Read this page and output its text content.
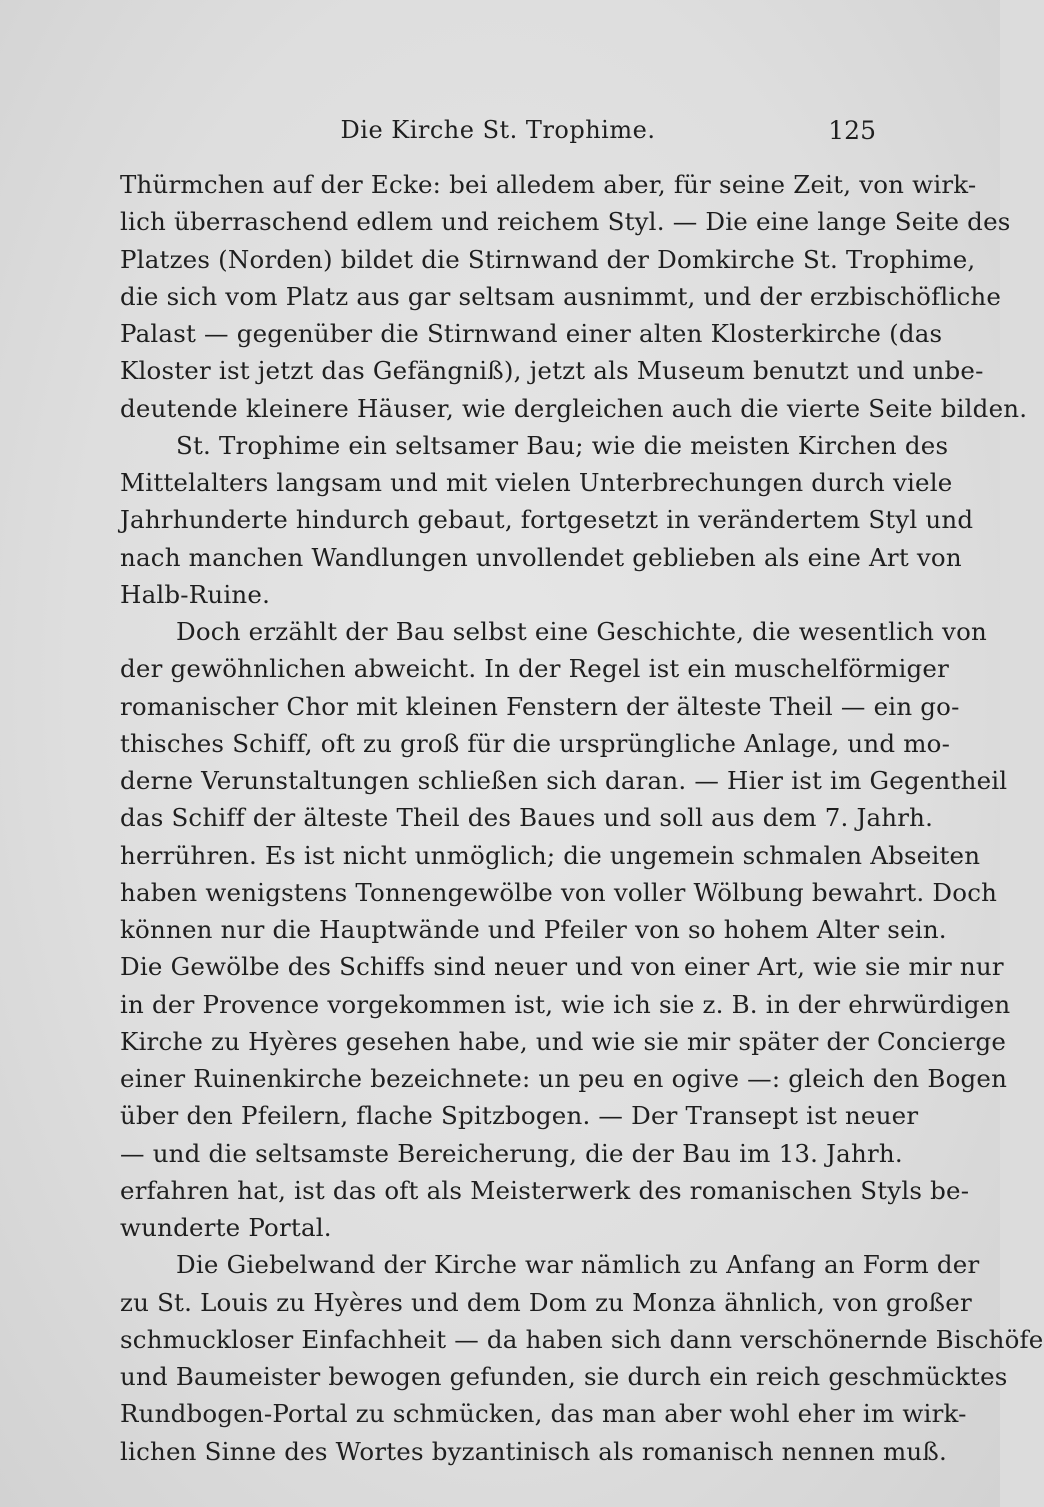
Die Kirche St. Trophime.	125
Thürmchen auf der Ecke: bei alledem aber, für seine Zeit, von wirk-
lich überraschend edlem und reichem Styl. — Die eine lange Seite des
Platzes (Norden) bildet die Stirnwand der Domkirche St. Trophime,
die sich vom Platz aus gar seltsam ausnimmt, und der erzbischöfliche
Palast — gegenüber die Stirnwand einer alten Klosterkirche (das
Kloster ist jetzt das Gefängniß), jetzt als Museum benutzt und unbe-
deutende kleinere Häuser, wie dergleichen auch die vierte Seite bilden.
St. Trophime ein seltsamer Bau; wie die meisten Kirchen des
Mittelalters langsam und mit vielen Unterbrechungen durch viele
Jahrhunderte hindurch gebaut, fortgesetzt in verändertem Styl und
nach manchen Wandlungen unvollendet geblieben als eine Art von
Halb-Ruine.
Doch erzählt der Bau selbst eine Geschichte, die wesentlich von
der gewöhnlichen abweicht. In der Regel ist ein muschelförmiger
romanischer Chor mit kleinen Fenstern der älteste Theil — ein go-
thisches Schiff, oft zu groß für die ursprüngliche Anlage, und mo-
derne Verunstaltungen schließen sich daran. — Hier ist im Gegentheil
das Schiff der älteste Theil des Baues und soll aus dem 7. Jahrh.
herrühren. Es ist nicht unmöglich; die ungemein schmalen Abseiten
haben wenigstens Tonnengewölbe von voller Wölbung bewahrt. Doch
können nur die Hauptwände und Pfeiler von so hohem Alter sein.
Die Gewölbe des Schiffs sind neuer und von einer Art, wie sie mir nur
in der Provence vorgekommen ist, wie ich sie z. B. in der ehrwürdigen
Kirche zu Hyères gesehen habe, und wie sie mir später der Concierge
einer Ruinenkirche bezeichnete: un peu en ogive —: gleich den Bogen
über den Pfeilern, flache Spitzbogen. — Der Transept ist neuer
— und die seltsamste Bereicherung, die der Bau im 13. Jahrh.
erfahren hat, ist das oft als Meisterwerk des romanischen Styls be-
wunderte Portal.
Die Giebelwand der Kirche war nämlich zu Anfang an Form der
zu St. Louis zu Hyères und dem Dom zu Monza ähnlich, von großer
schmuckloser Einfachheit — da haben sich dann verschönernde Bischöfe
und Baumeister bewogen gefunden, sie durch ein reich geschmücktes
Rundbogen-Portal zu schmücken, das man aber wohl eher im wirk-
lichen Sinne des Wortes byzantinisch als romanisch nennen muß.
